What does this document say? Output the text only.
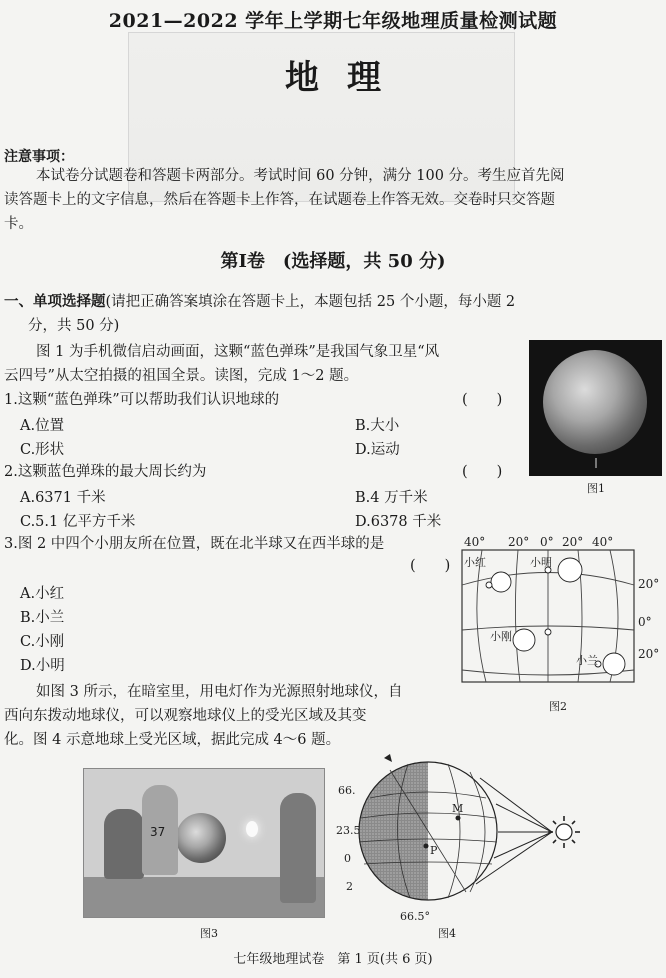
2021—2022 学年上学期七年级地理质量检测试题
地理
注意事项：
本试卷分试题卷和答题卡两部分。考试时间 60 分钟，满分 100 分。考生应首先阅
读答题卡上的文字信息，然后在答题卡上作答，在试题卷上作答无效。交卷时只交答题
卡。
第Ⅰ卷　(选择题，共 50 分)
一、单项选择题(请把正确答案填涂在答题卡上，本题包括 25 个小题，每小题 2
分，共 50 分)
图 1 为手机微信启动画面，这颗“蓝色弹珠”是我国气象卫星“风
云四号”从太空拍摄的祖国全景。读图，完成 1～2 题。
图1
1.这颗“蓝色弹珠”可以帮助我们认识地球的	(　　)
A.位置	B.大小
C.形状	D.运动
2.这颗蓝色弹珠的最大周长约为	(　　)
A.6371 千米	B.4 万千米
C.5.1 亿平方千米	D.6378 千米
3.图 2 中四个小朋友所在位置，既在北半球又在西半球的是
(　　)
A.小红
B.小兰
C.小刚
D.小明
40° 20° 0° 20° 40°
20°
0°
20°
小红	小明
小刚
小兰
图2
如图 3 所示，在暗室里，用电灯作为光源照射地球仪，自
西向东拨动地球仪，可以观察地球仪上的受光区域及其变
化。图 4 示意地球上受光区域，据此完成 4～6 题。
37
图3
M
P
66.
23.5
0
2
66.5°
图4
七年级地理试卷　第 1 页(共 6 页)
